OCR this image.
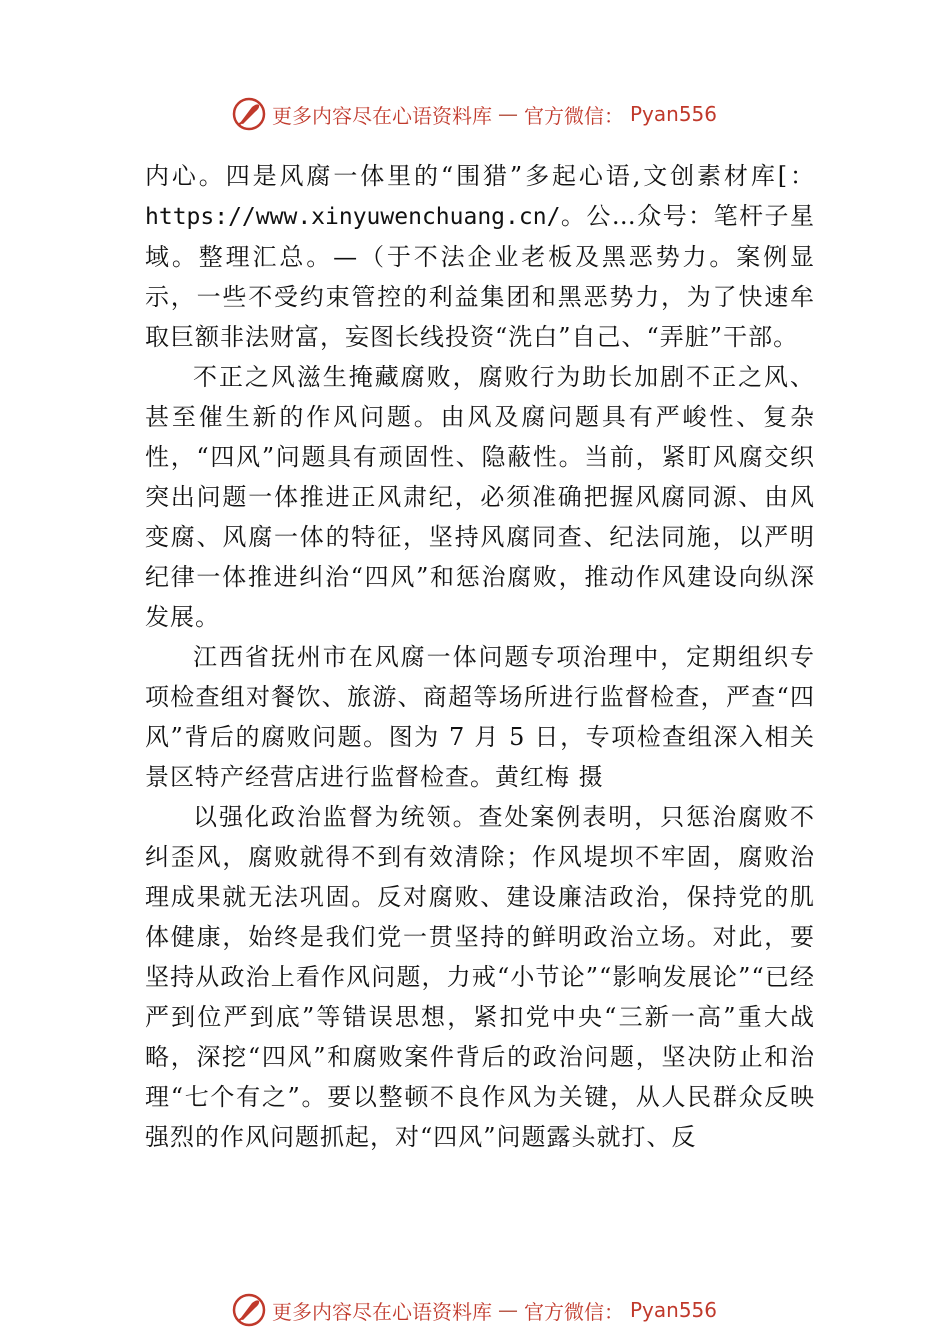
更多内容尽在心语资料库 — 官方微信： Pyan556

内心。四是风腐一体里的“围猎”多起心语,文创素材库[：https://www.xinyuwenchuang.cn/。公…众号：笔杆子星域。整理汇总。—（于不法企业老板及黑恶势力。案例显示，一些不受约束管控的利益集团和黑恶势力，为了快速牟取巨额非法财富，妄图长线投资“洗白”自己、“弄脏”干部。

不正之风滋生掩藏腐败，腐败行为助长加剧不正之风、甚至催生新的作风问题。由风及腐问题具有严峻性、复杂性，“四风”问题具有顽固性、隐蔽性。当前，紧盯风腐交织突出问题一体推进正风肃纪，必须准确把握风腐同源、由风变腐、风腐一体的特征，坚持风腐同查、纪法同施，以严明纪律一体推进纠治“四风”和惩治腐败，推动作风建设向纵深发展。

江西省抚州市在风腐一体问题专项治理中，定期组织专项检查组对餐饮、旅游、商超等场所进行监督检查，严查“四风”背后的腐败问题。图为 7 月 5 日，专项检查组深入相关景区特产经营店进行监督检查。黄红梅 摄

以强化政治监督为统领。查处案例表明，只惩治腐败不纠歪风，腐败就得不到有效清除；作风堤坝不牢固，腐败治理成果就无法巩固。反对腐败、建设廉洁政治，保持党的肌体健康，始终是我们党一贯坚持的鲜明政治立场。对此，要坚持从政治上看作风问题，力戒“小节论”“影响发展论”“已经严到位严到底”等错误思想，紧扣党中央“三新一高”重大战略，深挖“四风”和腐败案件背后的政治问题，坚决防止和治理“七个有之”。要以整顿不良作风为关键，从人民群众反映强烈的作风问题抓起，对“四风”问题露头就打、反

更多内容尽在心语资料库 — 官方微信： Pyan556
